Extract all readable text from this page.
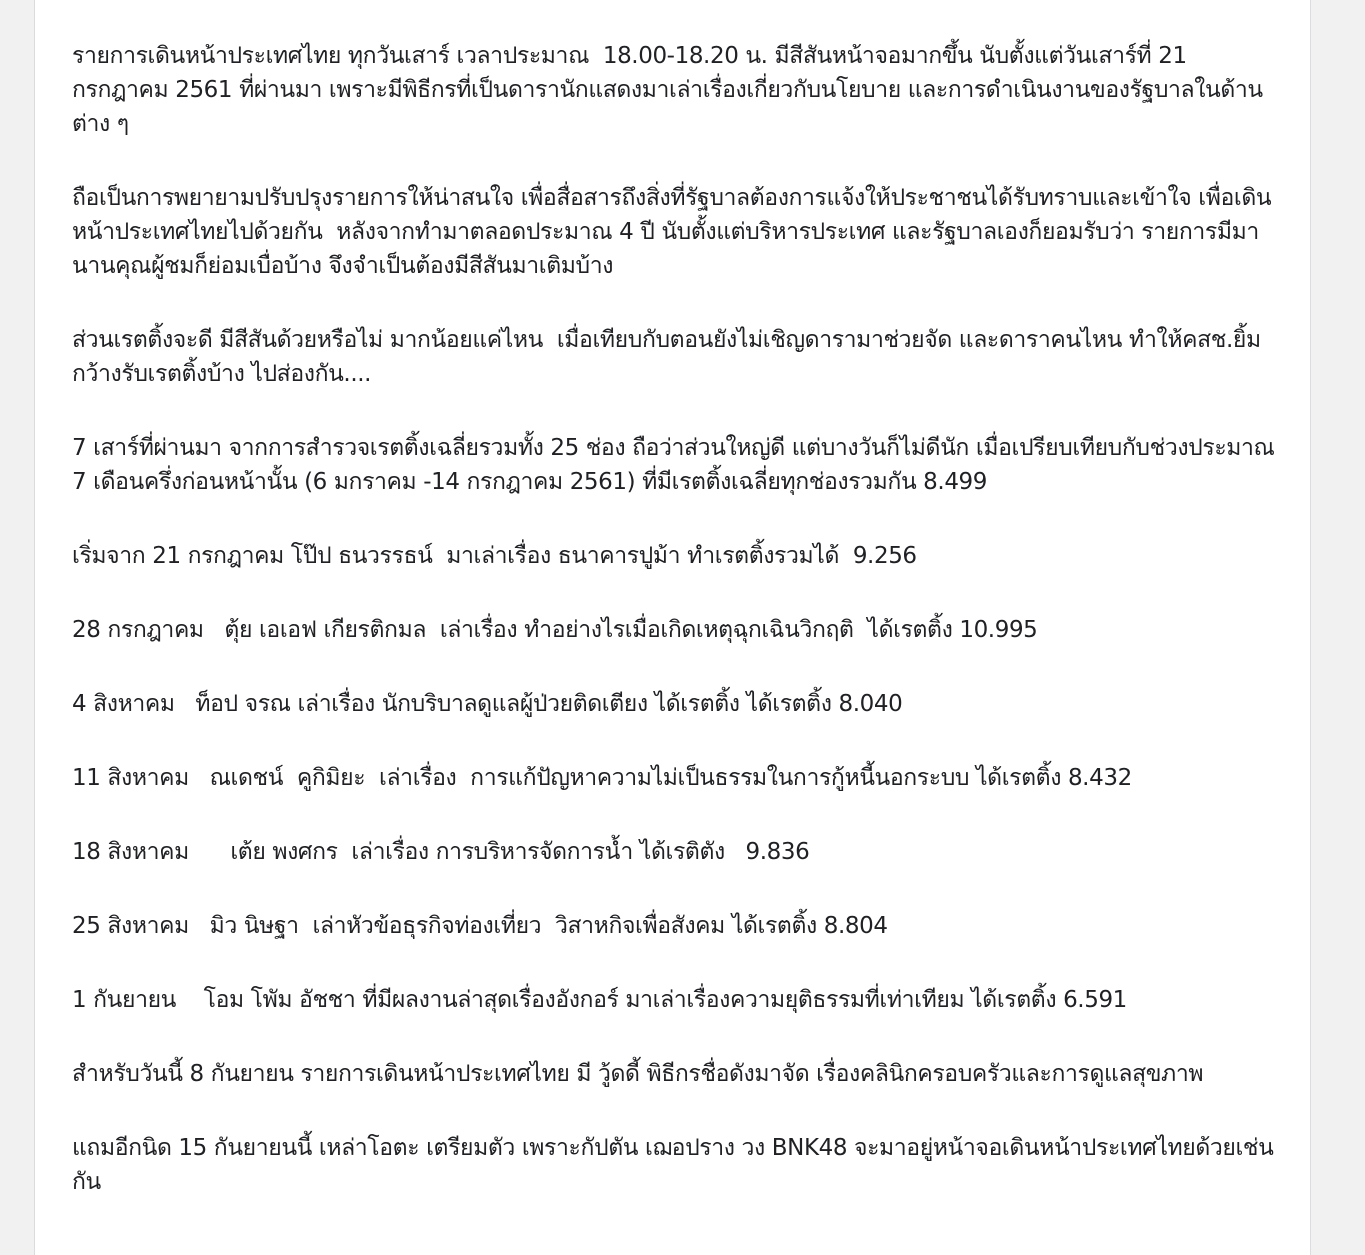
รายการเดินหน้าประเทศไทย ทุกวันเสาร์ เวลาประมาณ  18.00-18.20 น. มีสีสันหน้าจอมากขึ้น นับตั้งแต่วันเสาร์ที่ 21 กรกฎาคม 2561 ที่ผ่านมา เพราะมีพิธีกรที่เป็นดารานักแสดงมาเล่าเรื่องเกี่ยวกับนโยบาย และการดำเนินงานของรัฐบาลในด้านต่าง ๆ

ถือเป็นการพยายามปรับปรุงรายการให้น่าสนใจ เพื่อสื่อสารถึงสิ่งที่รัฐบาลต้องการแจ้งให้ประชาชนได้รับทราบและเข้าใจ เพื่อเดินหน้าประเทศไทยไปด้วยกัน  หลังจากทำมาตลอดประมาณ 4 ปี นับตั้งแต่บริหารประเทศ และรัฐบาลเองก็ยอมรับว่า รายการมีมานานคุณผู้ชมก็ย่อมเบื่อบ้าง จึงจำเป็นต้องมีสีสันมาเติมบ้าง

ส่วนเรตติ้งจะดี มีสีสันด้วยหรือไม่ มากน้อยแค่ไหน  เมื่อเทียบกับตอนยังไม่เชิญดารามาช่วยจัด และดาราคนไหน ทำให้คสช.ยิ้มกว้างรับเรตติ้งบ้าง ไปส่องกัน....

7 เสาร์ที่ผ่านมา จากการสำรวจเรตติ้งเฉลี่ยรวมทั้ง 25 ช่อง ถือว่าส่วนใหญ่ดี แต่บางวันก็ไม่ดีนัก เมื่อเปรียบเทียบกับช่วงประมาณ 7 เดือนครึ่งก่อนหน้านั้น (6 มกราคม -14 กรกฎาคม 2561) ที่มีเรตติ้งเฉลี่ยทุกช่องรวมกัน 8.499

เริ่มจาก 21 กรกฎาคม โป๊ป ธนวรรธน์  มาเล่าเรื่อง ธนาคารปูม้า ทำเรตติ้งรวมได้  9.256

28 กรกฎาคม   ตุ้ย เอเอฟ เกียรติกมล  เล่าเรื่อง ทำอย่างไรเมื่อเกิดเหตุฉุกเฉินวิกฤติ  ได้เรตติ้ง 10.995

4 สิงหาคม   ท็อป จรณ เล่าเรื่อง นักบริบาลดูแลผู้ป่วยติดเตียง ได้เรตติ้ง ได้เรตติ้ง 8.040

11 สิงหาคม   ณเดชน์  คูกิมิยะ  เล่าเรื่อง  การแก้ปัญหาความไม่เป็นธรรมในการกู้หนี้นอกระบบ ได้เรตติ้ง 8.432

18 สิงหาคม      เต้ย พงศกร  เล่าเรื่อง การบริหารจัดการน้ำ ได้เรติตัง   9.836

25 สิงหาคม   มิว นิษฐา  เล่าหัวข้อธุรกิจท่องเที่ยว  วิสาหกิจเพื่อสังคม ได้เรตติ้ง 8.804

1 กันยายน    โอม โพัม อัชชา ที่มีผลงานล่าสุดเรื่องอังกอร์ มาเล่าเรื่องความยุติธรรมที่เท่าเทียม ได้เรตติ้ง 6.591

สำหรับวันนี้ 8 กันยายน รายการเดินหน้าประเทศไทย มี วู้ดดี้ พิธีกรชื่อดังมาจัด เรื่องคลินิกครอบครัวและการดูแลสุขภาพ

แถมอีกนิด 15 กันยายนนี้ เหล่าโอตะ เตรียมตัว เพราะกัปตัน เฌอปราง วง BNK48 จะมาอยู่หน้าจอเดินหน้าประเทศไทยด้วยเช่นกัน
